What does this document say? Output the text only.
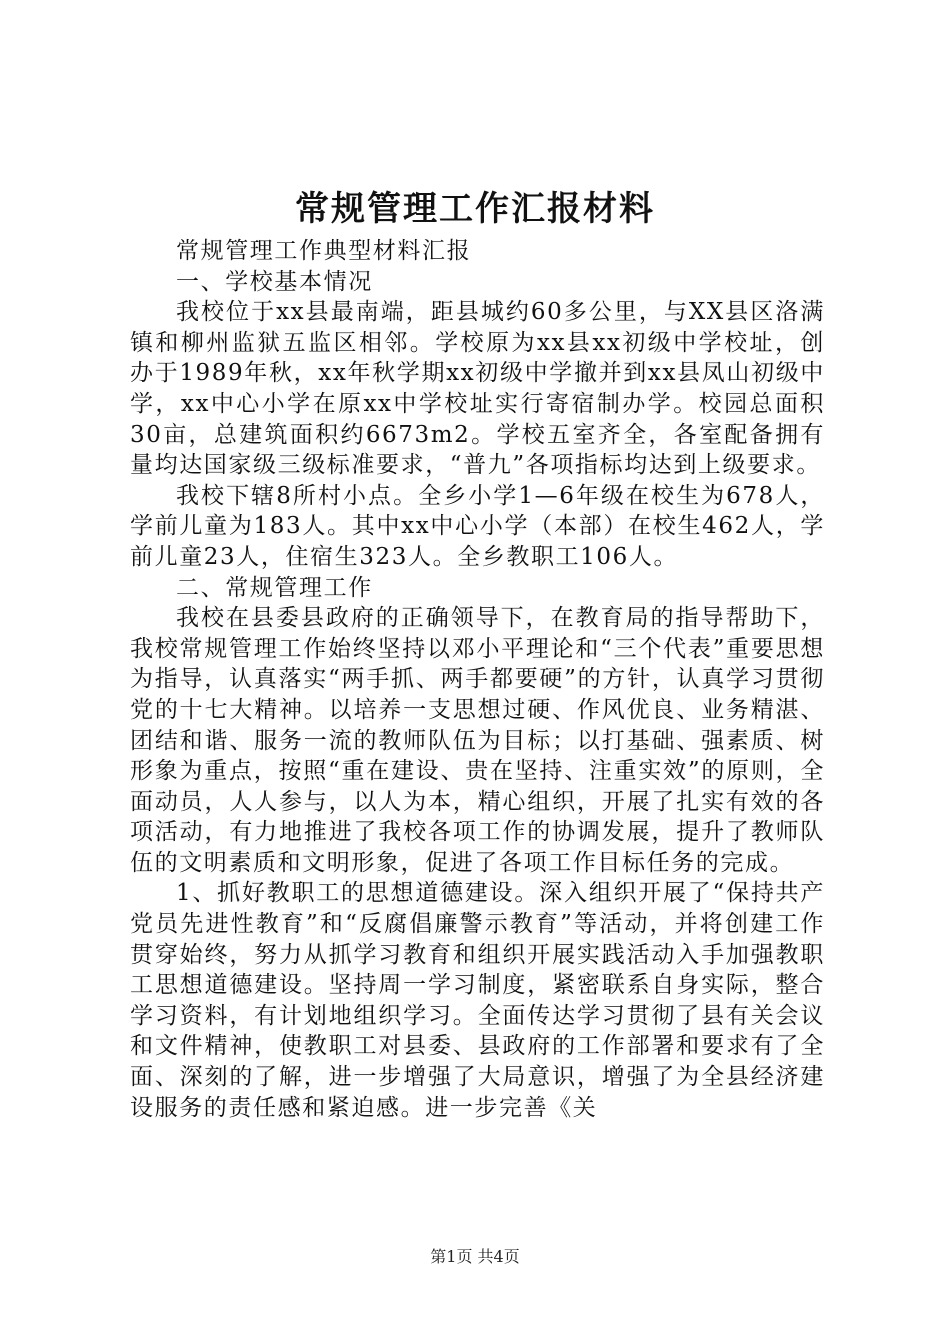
常规管理工作汇报材料

常规管理工作典型材料汇报

一、学校基本情况

我校位于xx县最南端，距县城约60多公里，与XX县区洛满镇和柳州监狱五监区相邻。学校原为xx县xx初级中学校址，创办于1989年秋，xx年秋学期xx初级中学撤并到xx县凤山初级中学，xx中心小学在原xx中学校址实行寄宿制办学。校园总面积30亩，总建筑面积约6673m2。学校五室齐全，各室配备拥有量均达国家级三级标准要求，“普九”各项指标均达到上级要求。

我校下辖8所村小点。全乡小学1—6年级在校生为678人，学前儿童为183人。其中xx中心小学（本部）在校生462人，学前儿童23人，住宿生323人。全乡教职工106人。

二、常规管理工作

我校在县委县政府的正确领导下，在教育局的指导帮助下，我校常规管理工作始终坚持以邓小平理论和“三个代表”重要思想为指导，认真落实“两手抓、两手都要硬”的方针，认真学习贯彻党的十七大精神。以培养一支思想过硬、作风优良、业务精湛、团结和谐、服务一流的教师队伍为目标；以打基础、强素质、树形象为重点，按照“重在建设、贵在坚持、注重实效”的原则，全面动员，人人参与，以人为本，精心组织，开展了扎实有效的各项活动，有力地推进了我校各项工作的协调发展，提升了教师队伍的文明素质和文明形象，促进了各项工作目标任务的完成。

1、抓好教职工的思想道德建设。深入组织开展了“保持共产党员先进性教育”和“反腐倡廉警示教育”等活动，并将创建工作贯穿始终，努力从抓学习教育和组织开展实践活动入手加强教职工思想道德建设。坚持周一学习制度，紧密联系自身实际，整合学习资料，有计划地组织学习。全面传达学习贯彻了县有关会议和文件精神，使教职工对县委、县政府的工作部署和要求有了全面、深刻的了解，进一步增强了大局意识，增强了为全县经济建设服务的责任感和紧迫感。进一步完善《关

第1页 共4页
